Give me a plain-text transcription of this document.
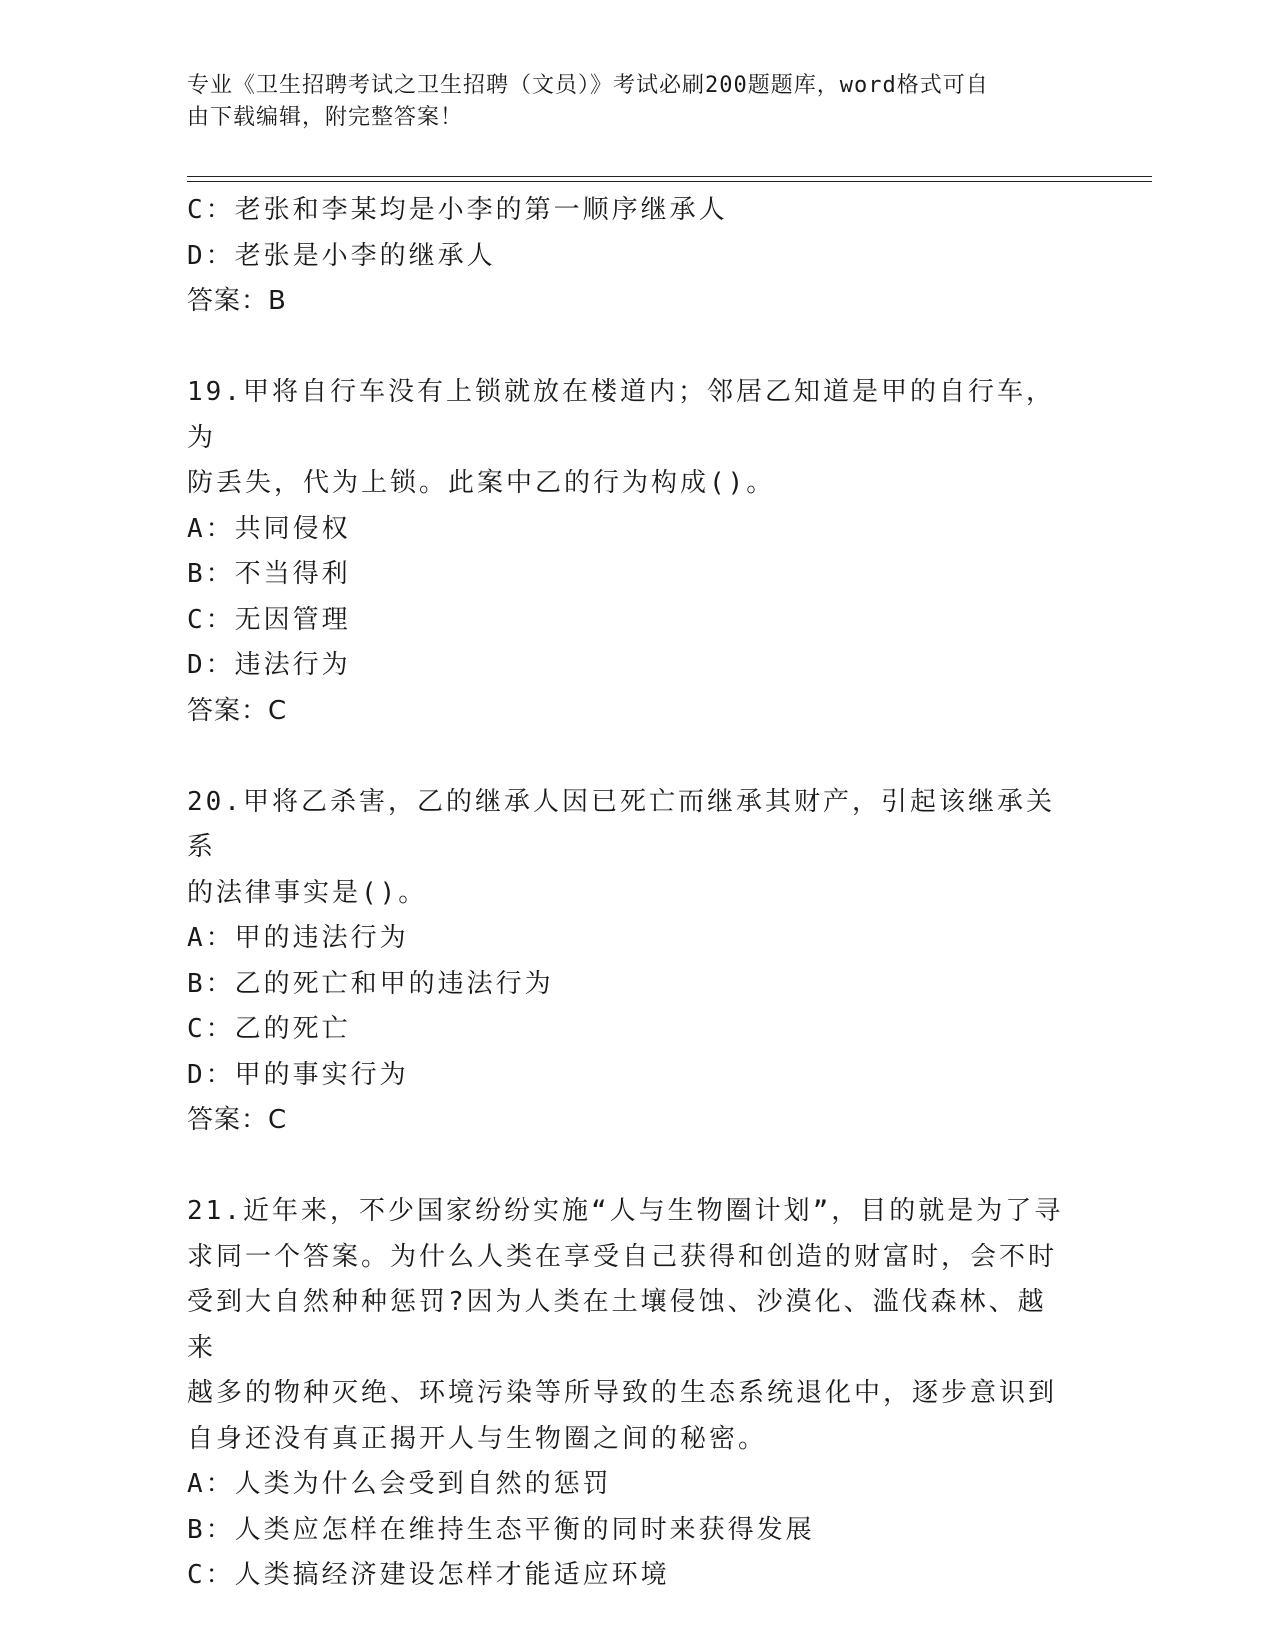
专业《卫生招聘考试之卫生招聘（文员）》考试必刷200题题库，word格式可自
由下载编辑，附完整答案！
C：老张和李某均是小李的第一顺序继承人
D：老张是小李的继承人
答案：B
19.甲将自行车没有上锁就放在楼道内；邻居乙知道是甲的自行车，为
防丢失，代为上锁。此案中乙的行为构成()。
A：共同侵权
B：不当得利
C：无因管理
D：违法行为
答案：C
20.甲将乙杀害，乙的继承人因已死亡而继承其财产，引起该继承关系
的法律事实是()。
A：甲的违法行为
B：乙的死亡和甲的违法行为
C：乙的死亡
D：甲的事实行为
答案：C
21.近年来，不少国家纷纷实施“人与生物圈计划”，目的就是为了寻
求同一个答案。为什么人类在享受自己获得和创造的财富时，会不时
受到大自然种种惩罚?因为人类在土壤侵蚀、沙漠化、滥伐森林、越来
越多的物种灭绝、环境污染等所导致的生态系统退化中，逐步意识到
自身还没有真正揭开人与生物圈之间的秘密。
A：人类为什么会受到自然的惩罚
B：人类应怎样在维持生态平衡的同时来获得发展
C：人类搞经济建设怎样才能适应环境
